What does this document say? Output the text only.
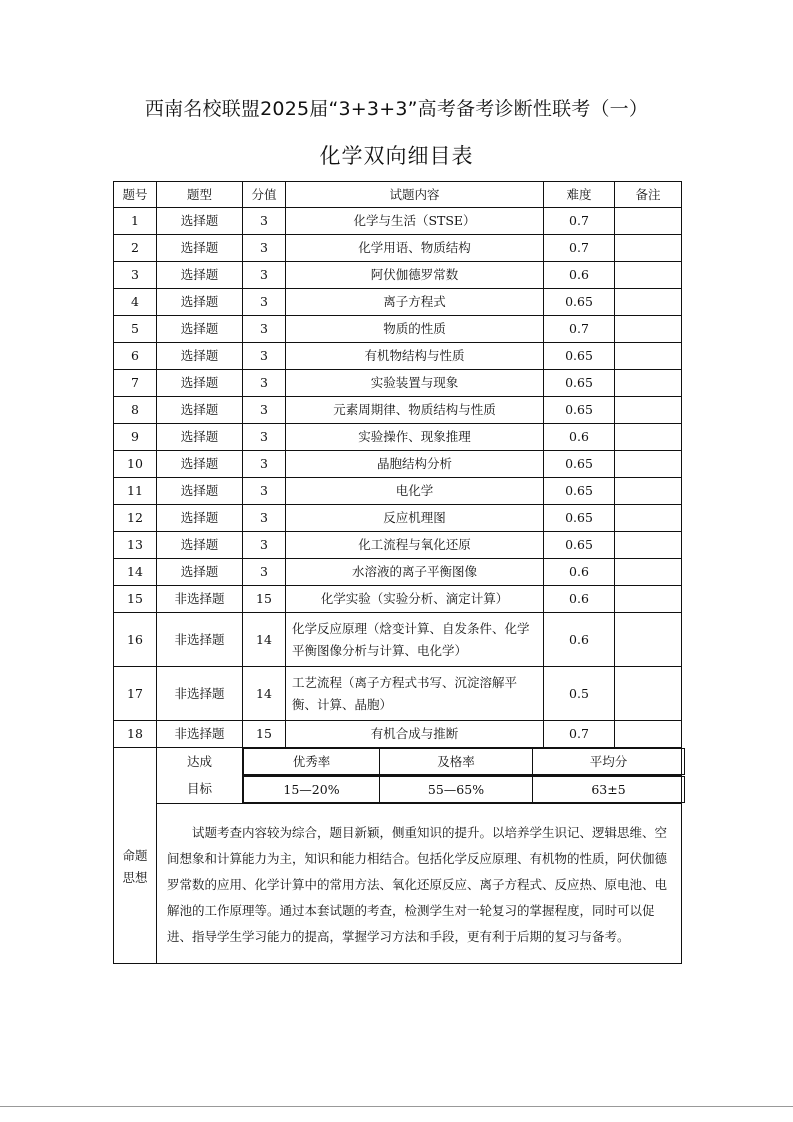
西南名校联盟2025届“3+3+3”高考备考诊断性联考（一）
化学双向细目表
题号	题型	分值	试题内容	难度	备注
1	选择题	3	化学与生活（STSE）	0.7	
2	选择题	3	化学用语、物质结构	0.7	
3	选择题	3	阿伏伽德罗常数	0.6	
4	选择题	3	离子方程式	0.65	
5	选择题	3	物质的性质	0.7	
6	选择题	3	有机物结构与性质	0.65	
7	选择题	3	实验装置与现象	0.65	
8	选择题	3	元素周期律、物质结构与性质	0.65	
9	选择题	3	实验操作、现象推理	0.6	
10	选择题	3	晶胞结构分析	0.65	
11	选择题	3	电化学	0.65	
12	选择题	3	反应机理图	0.65	
13	选择题	3	化工流程与氧化还原	0.65	
14	选择题	3	水溶液的离子平衡图像	0.6	
15	非选择题	15	化学实验（实验分析、滴定计算）	0.6	
16	非选择题	14	化学反应原理（焓变计算、自发条件、化学平衡图像分析与计算、电化学）	0.6	
17	非选择题	14	工艺流程（离子方程式书写、沉淀溶解平衡、计算、晶胞）	0.5	
18	非选择题	15	有机合成与推断	0.7	

命题
思想
	达成		优秀率	及格率	平均分

目标		15—20%	55—65%	63±5

试题考查内容较为综合，题目新颖，侧重知识的提升。以培养学生识记、逻辑思维、空间想象和计算能力为主，知识和能力相结合。包括化学反应原理、有机物的性质，阿伏伽德罗常数的应用、化学计算中的常用方法、氧化还原反应、离子方程式、反应热、原电池、电解池的工作原理等。通过本套试题的考查，检测学生对一轮复习的掌握程度，同时可以促进、指导学生学习能力的提高，掌握学习方法和手段，更有利于后期的复习与备考。
